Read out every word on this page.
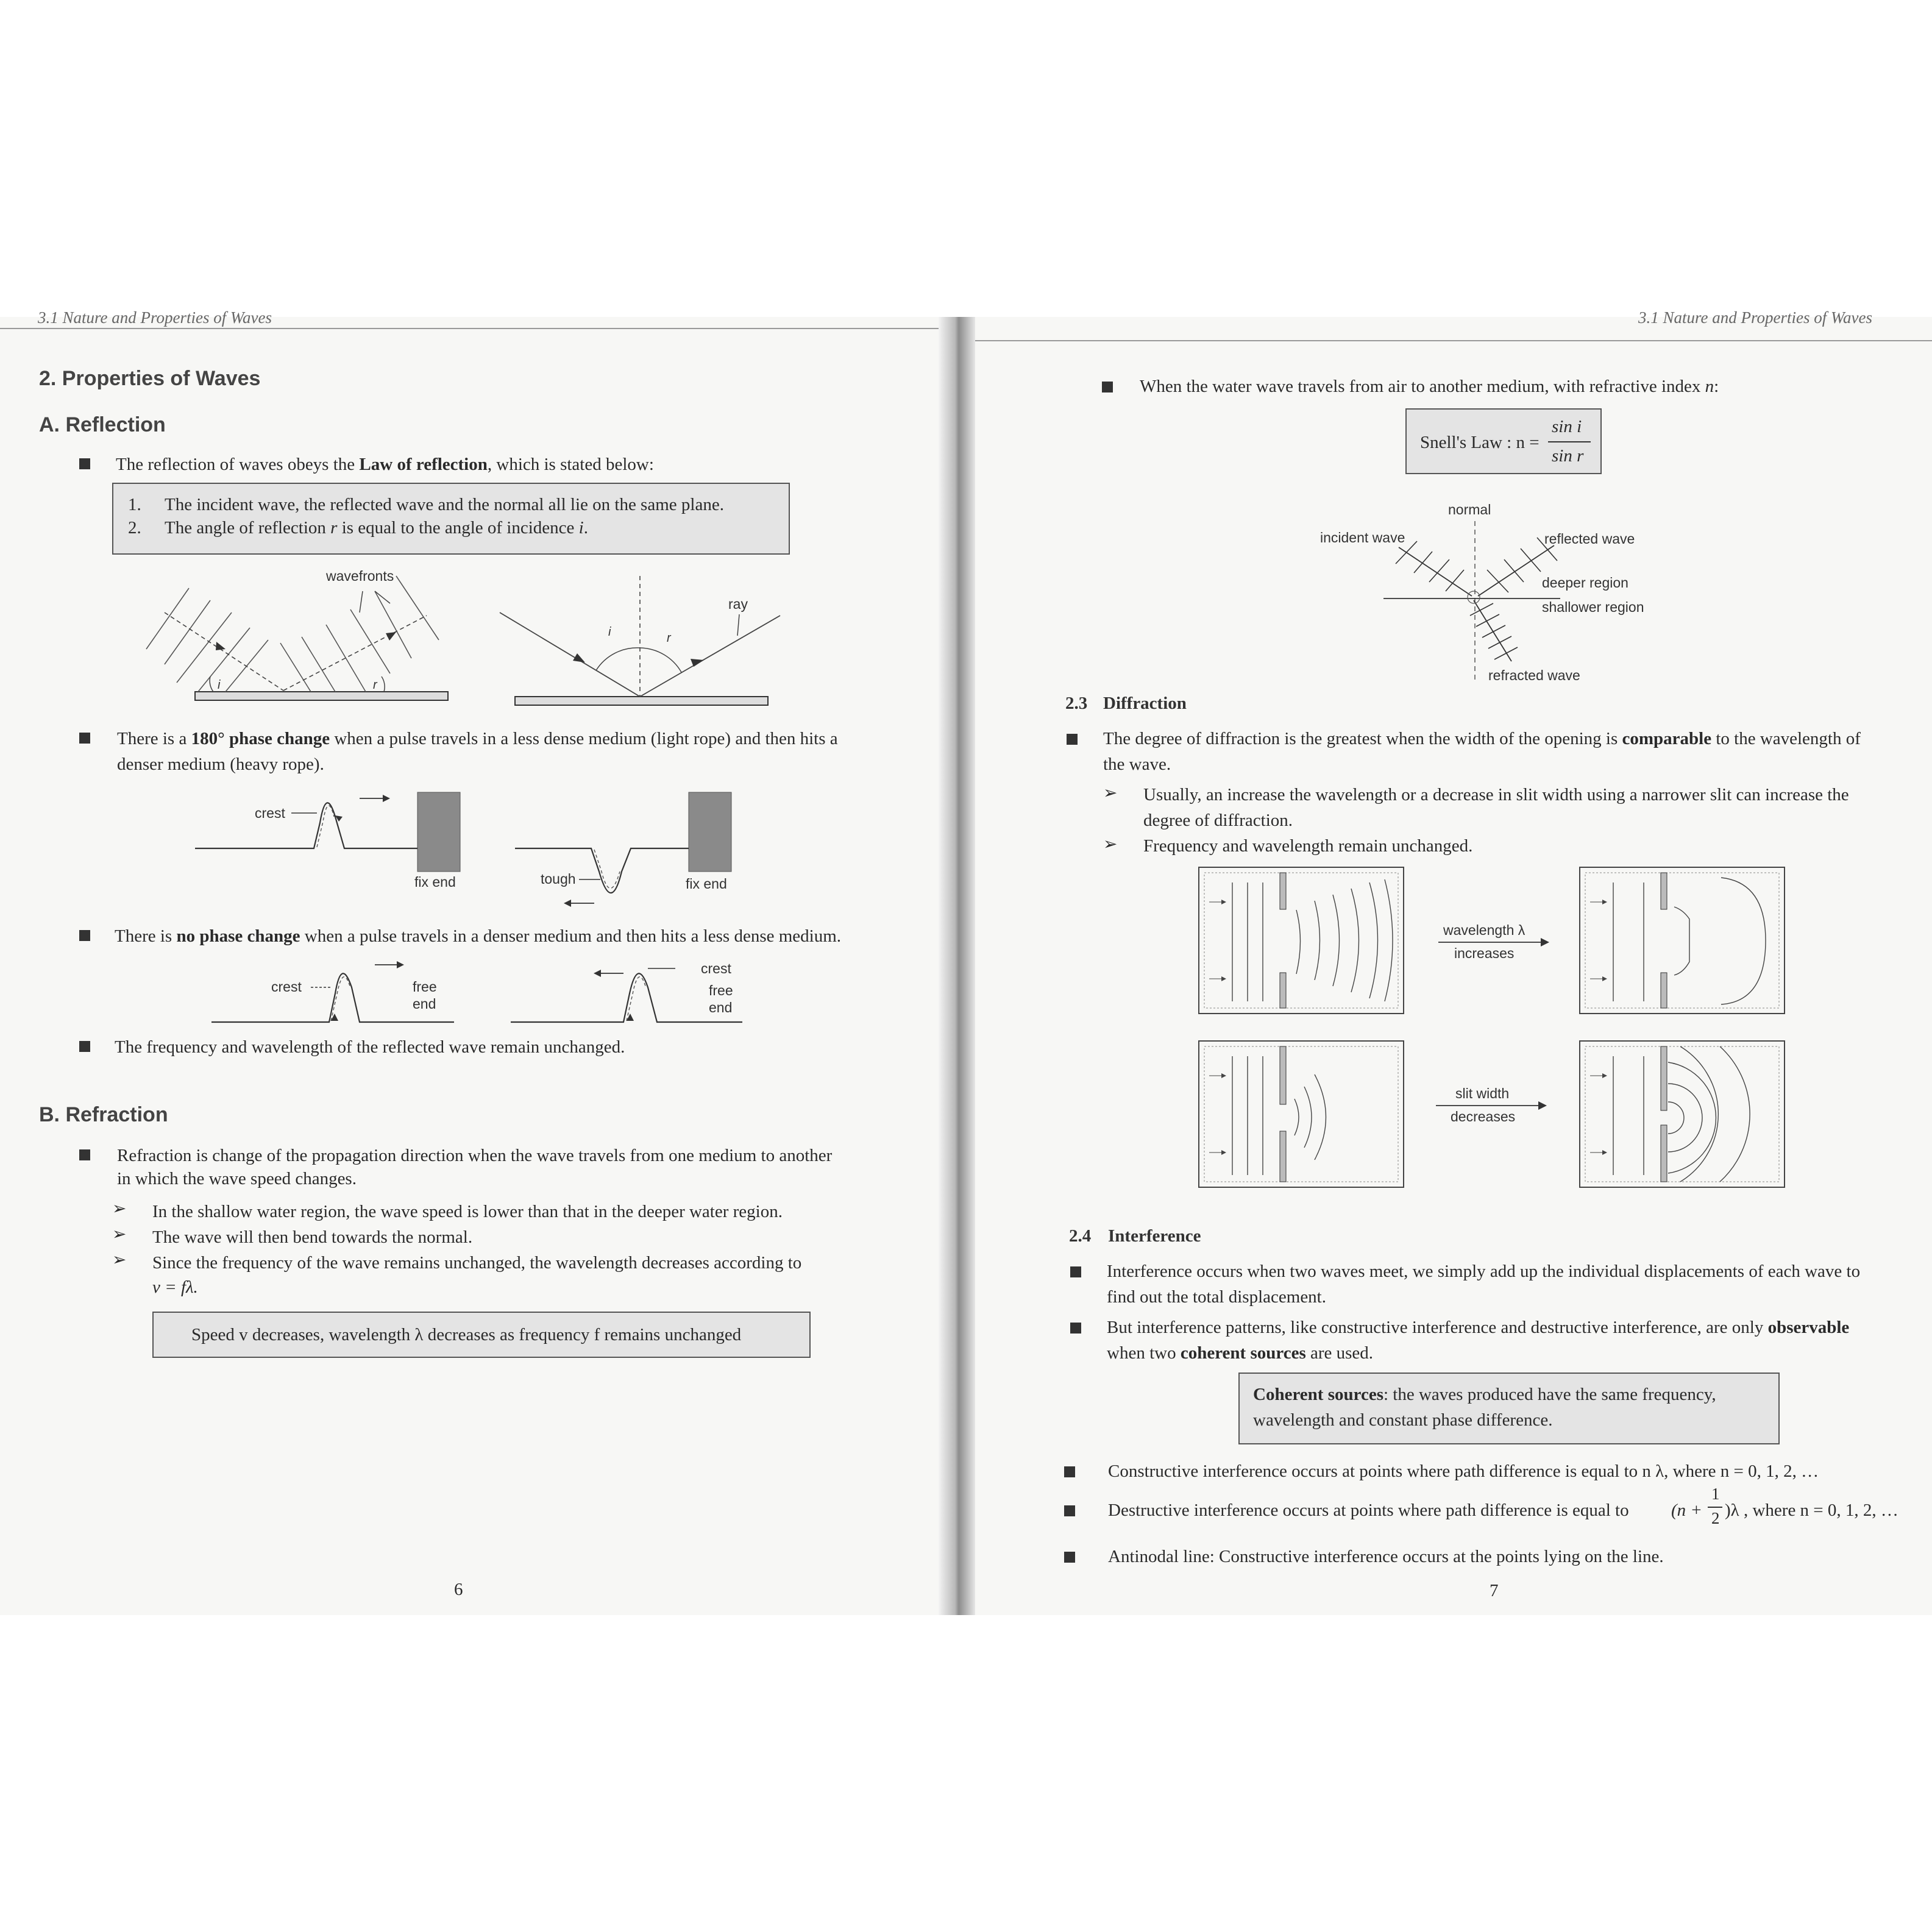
3.1 Nature and Properties of Waves
2. Properties of Waves
A. Reflection
The reflection of waves obeys the Law of reflection, which is stated below:
1. The incident wave, the reflected wave and the normal all lie on the same plane.
2. The angle of reflection r is equal to the angle of incidence i.
i	r
wavefronts
i	r
ray
There is a 180° phase change when a pulse travels in a less dense medium (light rope) and then hits a
denser medium (heavy rope).
crest
fix end	tough	fix end
There is no phase change when a pulse travels in a denser medium and then hits a less dense medium.
crest	free
end
crest
free
end
The frequency and wavelength of the reflected wave remain unchanged.
B. Refraction
Refraction is change of the propagation direction when the wave travels from one medium to another
in which the wave speed changes.
➢ In the shallow water region, the wave speed is lower than that in the deeper water region.
➢ The wave will then bend towards the normal.
➢ Since the frequency of the wave remains unchanged, the wavelength decreases according to
v = fλ.
Speed v decreases, wavelength λ decreases as frequency f remains unchanged
6
3.1 Nature and Properties of Waves
When the water wave travels from air to another medium, with refractive index n:
Snell's Law : n =
sin i
sin r
normal
incident wave	reflected wave
deeper region
shallower region
refracted wave
2.3 Diffraction
The degree of diffraction is the greatest when the width of the opening is comparable to the wavelength of
the wave.
➢ Usually, an increase the wavelength or a decrease in slit width using a narrower slit can increase the
degree of diffraction.
➢ Frequency and wavelength remain unchanged.
wavelength λ
increases
slit width
decreases
2.4 Interference
Interference occurs when two waves meet, we simply add up the individual displacements of each wave to
find out the total displacement.
But interference patterns, like constructive interference and destructive interference, are only observable
when two coherent sources are used.
Coherent sources: the waves produced have the same frequency,
wavelength and constant phase difference.
Constructive interference occurs at points where path difference is equal to n λ, where n = 0, 1, 2, …
Destructive interference occurs at points where path difference is equal to (n +
1
2 )λ , where n = 0, 1, 2, …
Antinodal line: Constructive interference occurs at the points lying on the line.
7
